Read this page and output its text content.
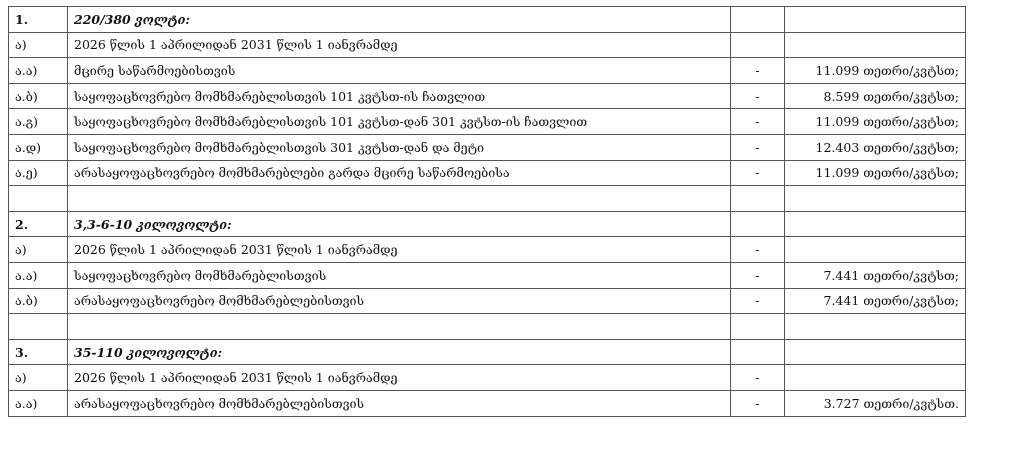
1.	220/380 ვოლტი:		
ა)	2026 წლის 1 აპრილიდან 2031 წლის 1 იანვრამდე		
ა.ა)	მცირე საწარმოებისთვის	-	11.099 თეთრი/კვტსთ;
ა.ბ)	საყოფაცხოვრებო მომხმარებლისთვის 101 კვტსთ-ის ჩათვლით	-	8.599 თეთრი/კვტსთ;
ა.გ)	საყოფაცხოვრებო მომხმარებლისთვის 101 კვტსთ-დან 301 კვტსთ-ის ჩათვლით	-	11.099 თეთრი/კვტსთ;
ა.დ)	საყოფაცხოვრებო მომხმარებლისთვის 301 კვტსთ-დან და მეტი	-	12.403 თეთრი/კვტსთ;
ა.ე)	არასაყოფაცხოვრებო მომხმარებლები გარდა მცირე საწარმოებისა	-	11.099 თეთრი/კვტსთ;

2.	3,3-6-10 კილოვოლტი:		
ა)	2026 წლის 1 აპრილიდან 2031 წლის 1 იანვრამდე	-	
ა.ა)	საყოფაცხოვრებო მომხმარებლისთვის	-	7.441 თეთრი/კვტსთ;
ა.ბ)	არასაყოფაცხოვრებო მომხმარებლებისთვის	-	7.441 თეთრი/კვტსთ;

3.	35-110 კილოვოლტი:		
ა)	2026 წლის 1 აპრილიდან 2031 წლის 1 იანვრამდე	-	
ა.ა)	არასაყოფაცხოვრებო მომხმარებლებისთვის	-	3.727 თეთრი/კვტსთ.
